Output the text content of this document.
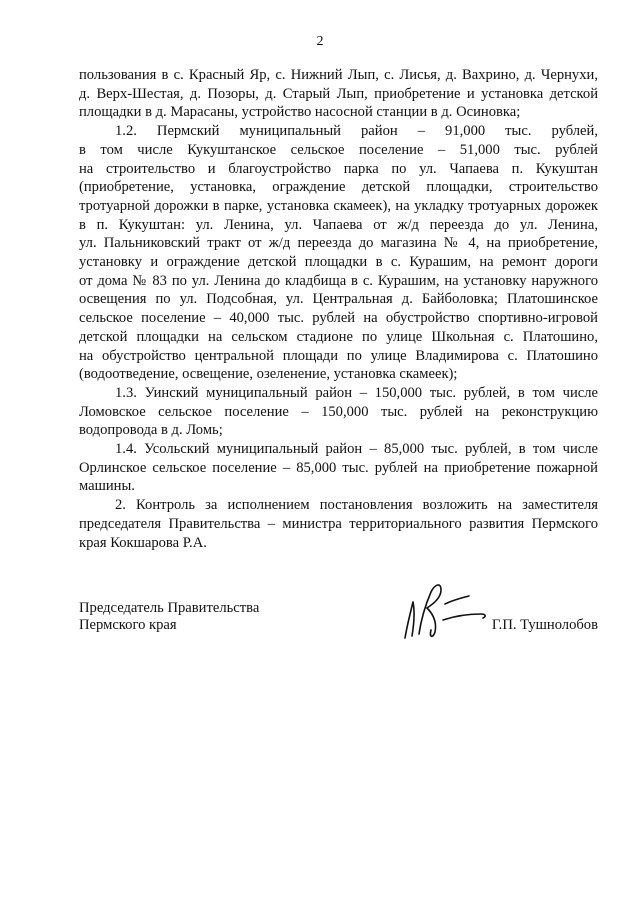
2
пользования в с. Красный Яр, с. Нижний Лып, с. Лисья, д. Вахрино, д. Чернухи,
д. Верх-Шестая, д. Позоры, д. Старый Лып, приобретение и установка детской
площадки в д. Марасаны, устройство насосной станции в д. Осиновка;
1.2. Пермский муниципальный район – 91,000 тыс. рублей,
в том числе Кукуштанское сельское поселение – 51,000 тыс. рублей
на строительство и благоустройство парка по ул. Чапаева п. Кукуштан
(приобретение, установка, ограждение детской площадки, строительство
тротуарной дорожки в парке, установка скамеек), на укладку тротуарных дорожек
в п. Кукуштан: ул. Ленина, ул. Чапаева от ж/д переезда до ул. Ленина,
ул. Пальниковский тракт от ж/д переезда до магазина № 4, на приобретение,
установку и ограждение детской площадки в с. Курашим, на ремонт дороги
от дома № 83 по ул. Ленина до кладбища в с. Курашим, на установку наружного
освещения по ул. Подсобная, ул. Центральная д. Байболовка; Платошинское
сельское поселение – 40,000 тыс. рублей на обустройство спортивно-игровой
детской площадки на сельском стадионе по улице Школьная с. Платошино,
на обустройство центральной площади по улице Владимирова с. Платошино
(водоотведение, освещение, озеленение, установка скамеек);
1.3. Уинский муниципальный район – 150,000 тыс. рублей, в том числе
Ломовское сельское поселение – 150,000 тыс. рублей на реконструкцию
водопровода в д. Ломь;
1.4. Усольский муниципальный район – 85,000 тыс. рублей, в том числе
Орлинское сельское поселение – 85,000 тыс. рублей на приобретение пожарной
машины.
2. Контроль за исполнением постановления возложить на заместителя
председателя Правительства – министра территориального развития Пермского
края Кокшарова Р.А.
Председатель Правительства
Пермского края	Г.П. Тушнолобов
